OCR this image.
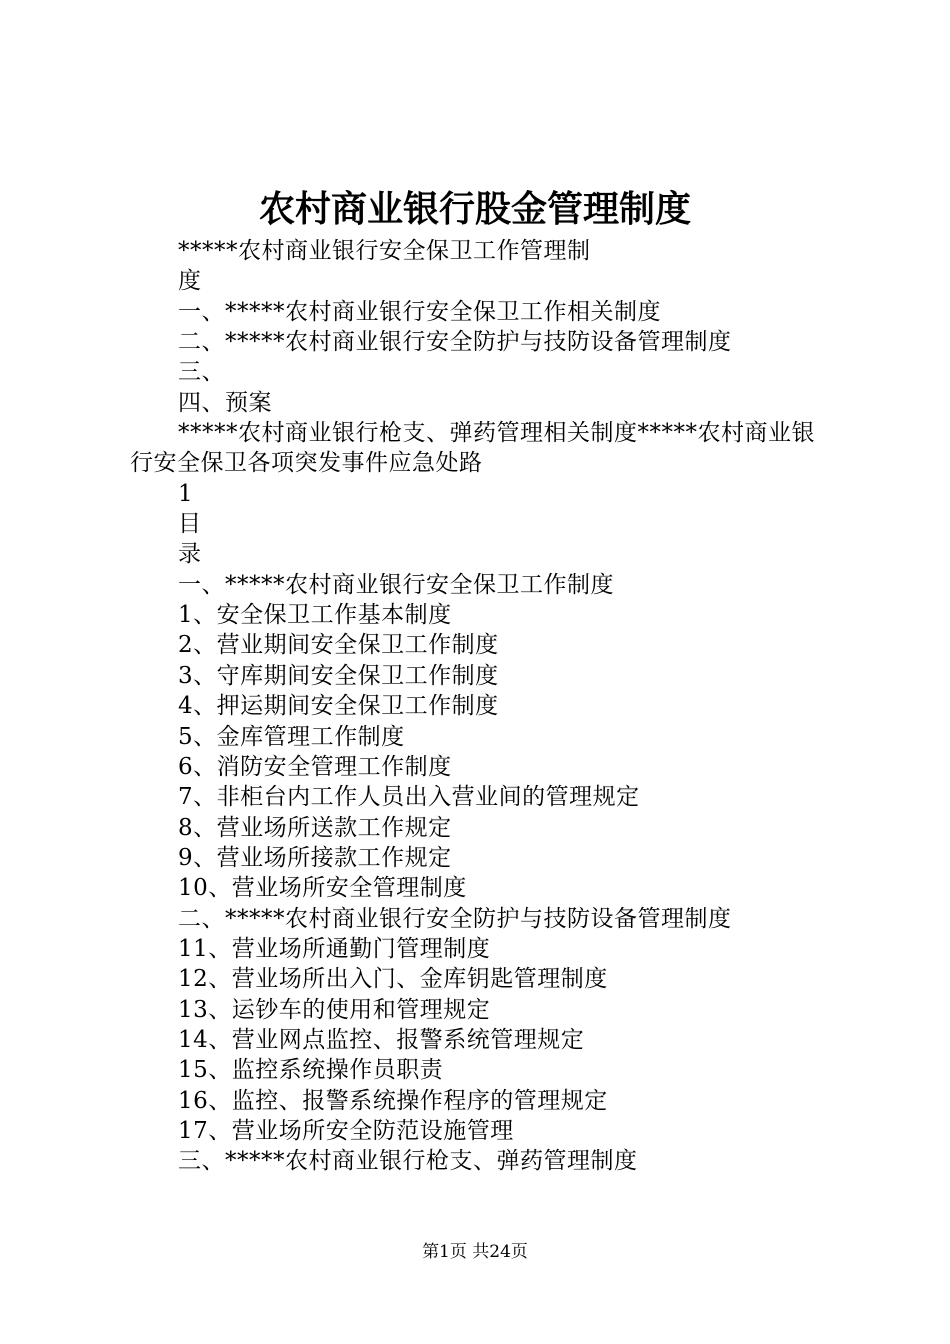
农村商业银行股金管理制度
*****农村商业银行安全保卫工作管理制
度
一、*****农村商业银行安全保卫工作相关制度
二、*****农村商业银行安全防护与技防设备管理制度
三、
四、预案
*****农村商业银行枪支、弹药管理相关制度*****农村商业银行安全保卫各项突发事件应急处路
1
目
录
一、*****农村商业银行安全保卫工作制度
1、安全保卫工作基本制度
2、营业期间安全保卫工作制度
3、守库期间安全保卫工作制度
4、押运期间安全保卫工作制度
5、金库管理工作制度
6、消防安全管理工作制度
7、非柜台内工作人员出入营业间的管理规定
8、营业场所送款工作规定
9、营业场所接款工作规定
10、营业场所安全管理制度
二、*****农村商业银行安全防护与技防设备管理制度
11、营业场所通勤门管理制度
12、营业场所出入门、金库钥匙管理制度
13、运钞车的使用和管理规定
14、营业网点监控、报警系统管理规定
15、监控系统操作员职责
16、监控、报警系统操作程序的管理规定
17、营业场所安全防范设施管理
三、*****农村商业银行枪支、弹药管理制度
第1页 共24页
